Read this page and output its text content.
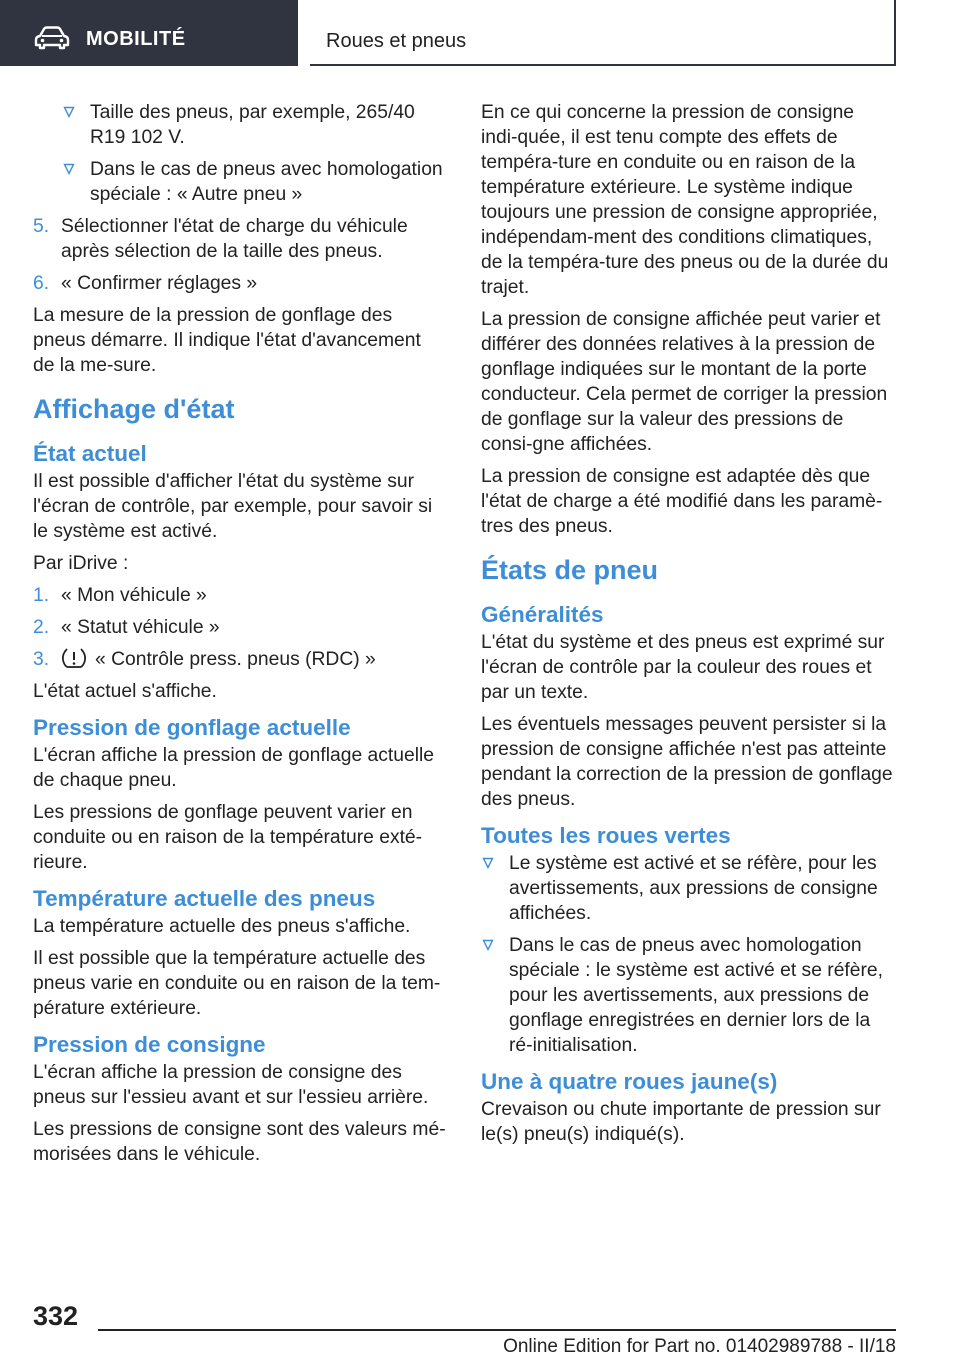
MOBILITÉ	Roues et pneus
Taille des pneus, par exemple, 265/40 R19 102 V.
Dans le cas de pneus avec homologation spéciale : « Autre pneu »
5. Sélectionner l'état de charge du véhicule après sélection de la taille des pneus.
6. « Confirmer réglages »

La mesure de la pression de gonflage des pneus démarre. Il indique l'état d'avancement de la me-sure.

Affichage d'état
État actuel

Il est possible d'afficher l'état du système sur l'écran de contrôle, par exemple, pour savoir si le système est activé.

Par iDrive :

1. « Mon véhicule »
2. « Statut véhicule »
3. « Contrôle press. pneus (RDC) »

L'état actuel s'affiche.

Pression de gonflage actuelle

L'écran affiche la pression de gonflage actuelle de chaque pneu.

Les pressions de gonflage peuvent varier en conduite ou en raison de la température exté-rieure.

Température actuelle des pneus

La température actuelle des pneus s'affiche.

Il est possible que la température actuelle des pneus varie en conduite ou en raison de la tem-pérature extérieure.

Pression de consigne

L'écran affiche la pression de consigne des pneus sur l'essieu avant et sur l'essieu arrière.

Les pressions de consigne sont des valeurs mé-morisées dans le véhicule.

En ce qui concerne la pression de consigne indi-quée, il est tenu compte des effets de tempéra-ture en conduite ou en raison de la température extérieure. Le système indique toujours une pression de consigne appropriée, indépendam-ment des conditions climatiques, de la tempéra-ture des pneus ou de la durée du trajet.

La pression de consigne affichée peut varier et différer des données relatives à la pression de gonflage indiquées sur le montant de la porte conducteur. Cela permet de corriger la pression de gonflage sur la valeur des pressions de consi-gne affichées.

La pression de consigne est adaptée dès que l'état de charge a été modifié dans les paramè-tres des pneus.

États de pneu
Généralités

L'état du système et des pneus est exprimé sur l'écran de contrôle par la couleur des roues et par un texte.

Les éventuels messages peuvent persister si la pression de consigne affichée n'est pas atteinte pendant la correction de la pression de gonflage des pneus.

Toutes les roues vertes
Le système est activé et se réfère, pour les avertissements, aux pressions de consigne affichées.
Dans le cas de pneus avec homologation spéciale : le système est activé et se réfère, pour les avertissements, aux pressions de gonflage enregistrées en dernier lors de la ré-initialisation.
Une à quatre roues jaune(s)

Crevaison ou chute importante de pression sur le(s) pneu(s) indiqué(s).

332
Online Edition for Part no. 01402989788 - II/18
